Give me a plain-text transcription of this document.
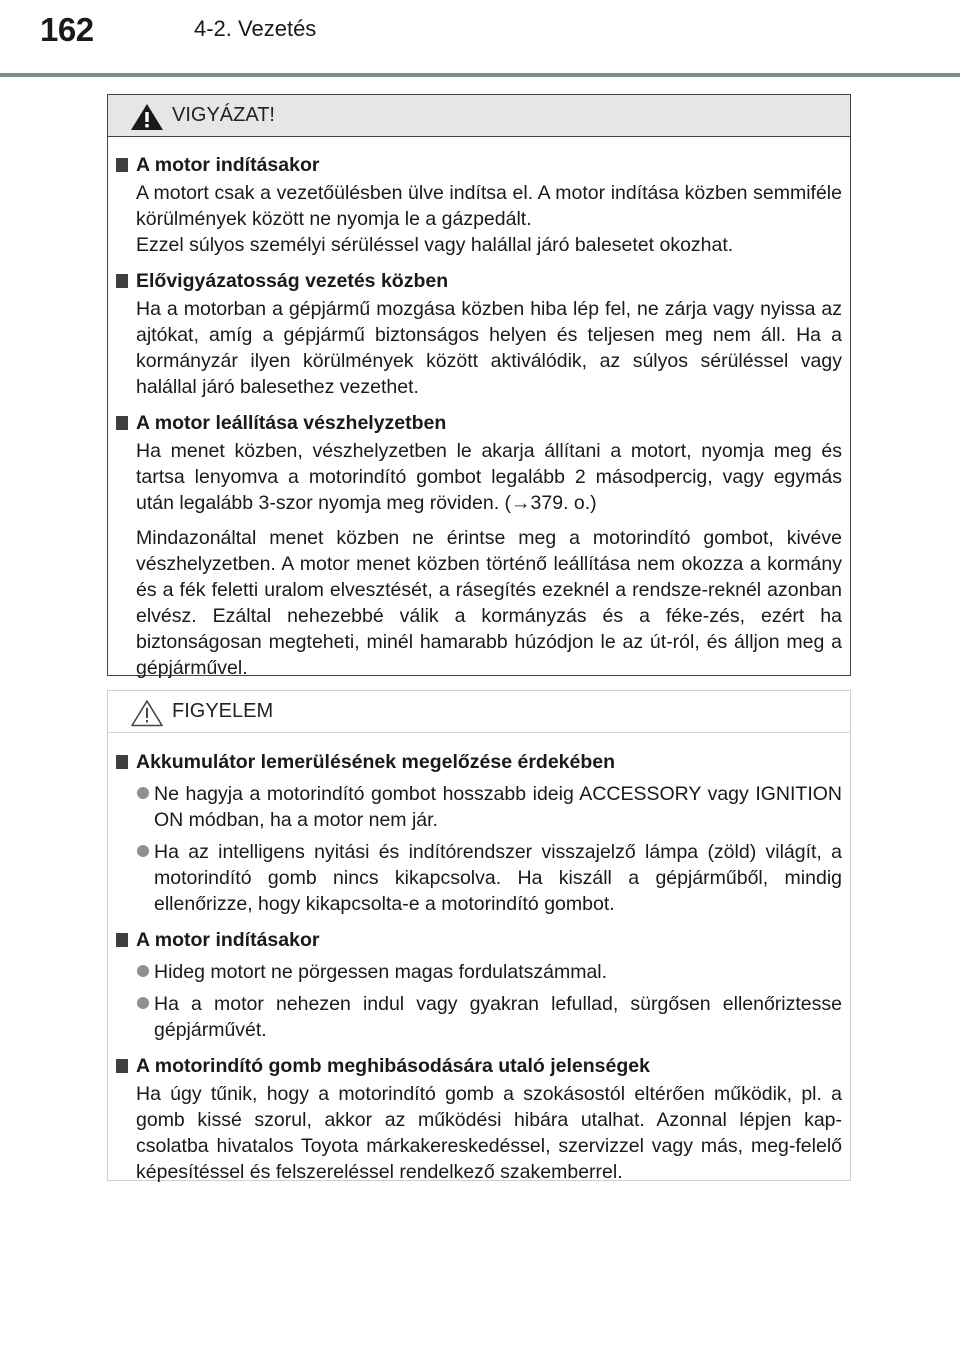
162	4-2. Vezetés
VIGYÁZAT!
A motor indításakor
A motort csak a vezetőülésben ülve indítsa el. A motor indítása közben semmiféle körülmények között ne nyomja le a gázpedált.
Ezzel súlyos személyi sérüléssel vagy halállal járó balesetet okozhat.
Elővigyázatosság vezetés közben
Ha a motorban a gépjármű mozgása közben hiba lép fel, ne zárja vagy nyissa az ajtókat, amíg a gépjármű biztonságos helyen és teljesen meg nem áll. Ha a kormányzár ilyen körülmények között aktiválódik, az súlyos sérüléssel vagy halállal járó balesethez vezethet.
A motor leállítása vészhelyzetben
Ha menet közben, vészhelyzetben le akarja állítani a motort, nyomja meg és tartsa lenyomva a motorindító gombot legalább 2 másodpercig, vagy egymás után legalább 3-szor nyomja meg röviden. (→379. o.)
Mindazonáltal menet közben ne érintse meg a motorindító gombot, kivéve vészhelyzetben. A motor menet közben történő leállítása nem okozza a kormány és a fék feletti uralom elvesztését, a rásegítés ezeknél a rendsze-reknél azonban elvész. Ezáltal nehezebbé válik a kormányzás és a féke-zés, ezért ha biztonságosan megteheti, minél hamarabb húzódjon le az út-ról, és álljon meg a gépjárművel.
FIGYELEM
Akkumulátor lemerülésének megelőzése érdekében
Ne hagyja a motorindító gombot hosszabb ideig ACCESSORY vagy IGNITION ON módban, ha a motor nem jár.
Ha az intelligens nyitási és indítórendszer visszajelző lámpa (zöld) világít, a motorindító gomb nincs kikapcsolva. Ha kiszáll a gépjárműből, mindig ellenőrizze, hogy kikapcsolta-e a motorindító gombot.
A motor indításakor
Hideg motort ne pörgessen magas fordulatszámmal.
Ha a motor nehezen indul vagy gyakran lefullad, sürgősen ellenőriztesse gépjárművét.
A motorindító gomb meghibásodására utaló jelenségek
Ha úgy tűnik, hogy a motorindító gomb a szokásostól eltérően működik, pl. a gomb kissé szorul, akkor az működési hibára utalhat. Azonnal lépjen kap-csolatba hivatalos Toyota márkakereskedéssel, szervizzel vagy más, meg-felelő képesítéssel és felszereléssel rendelkező szakemberrel.
